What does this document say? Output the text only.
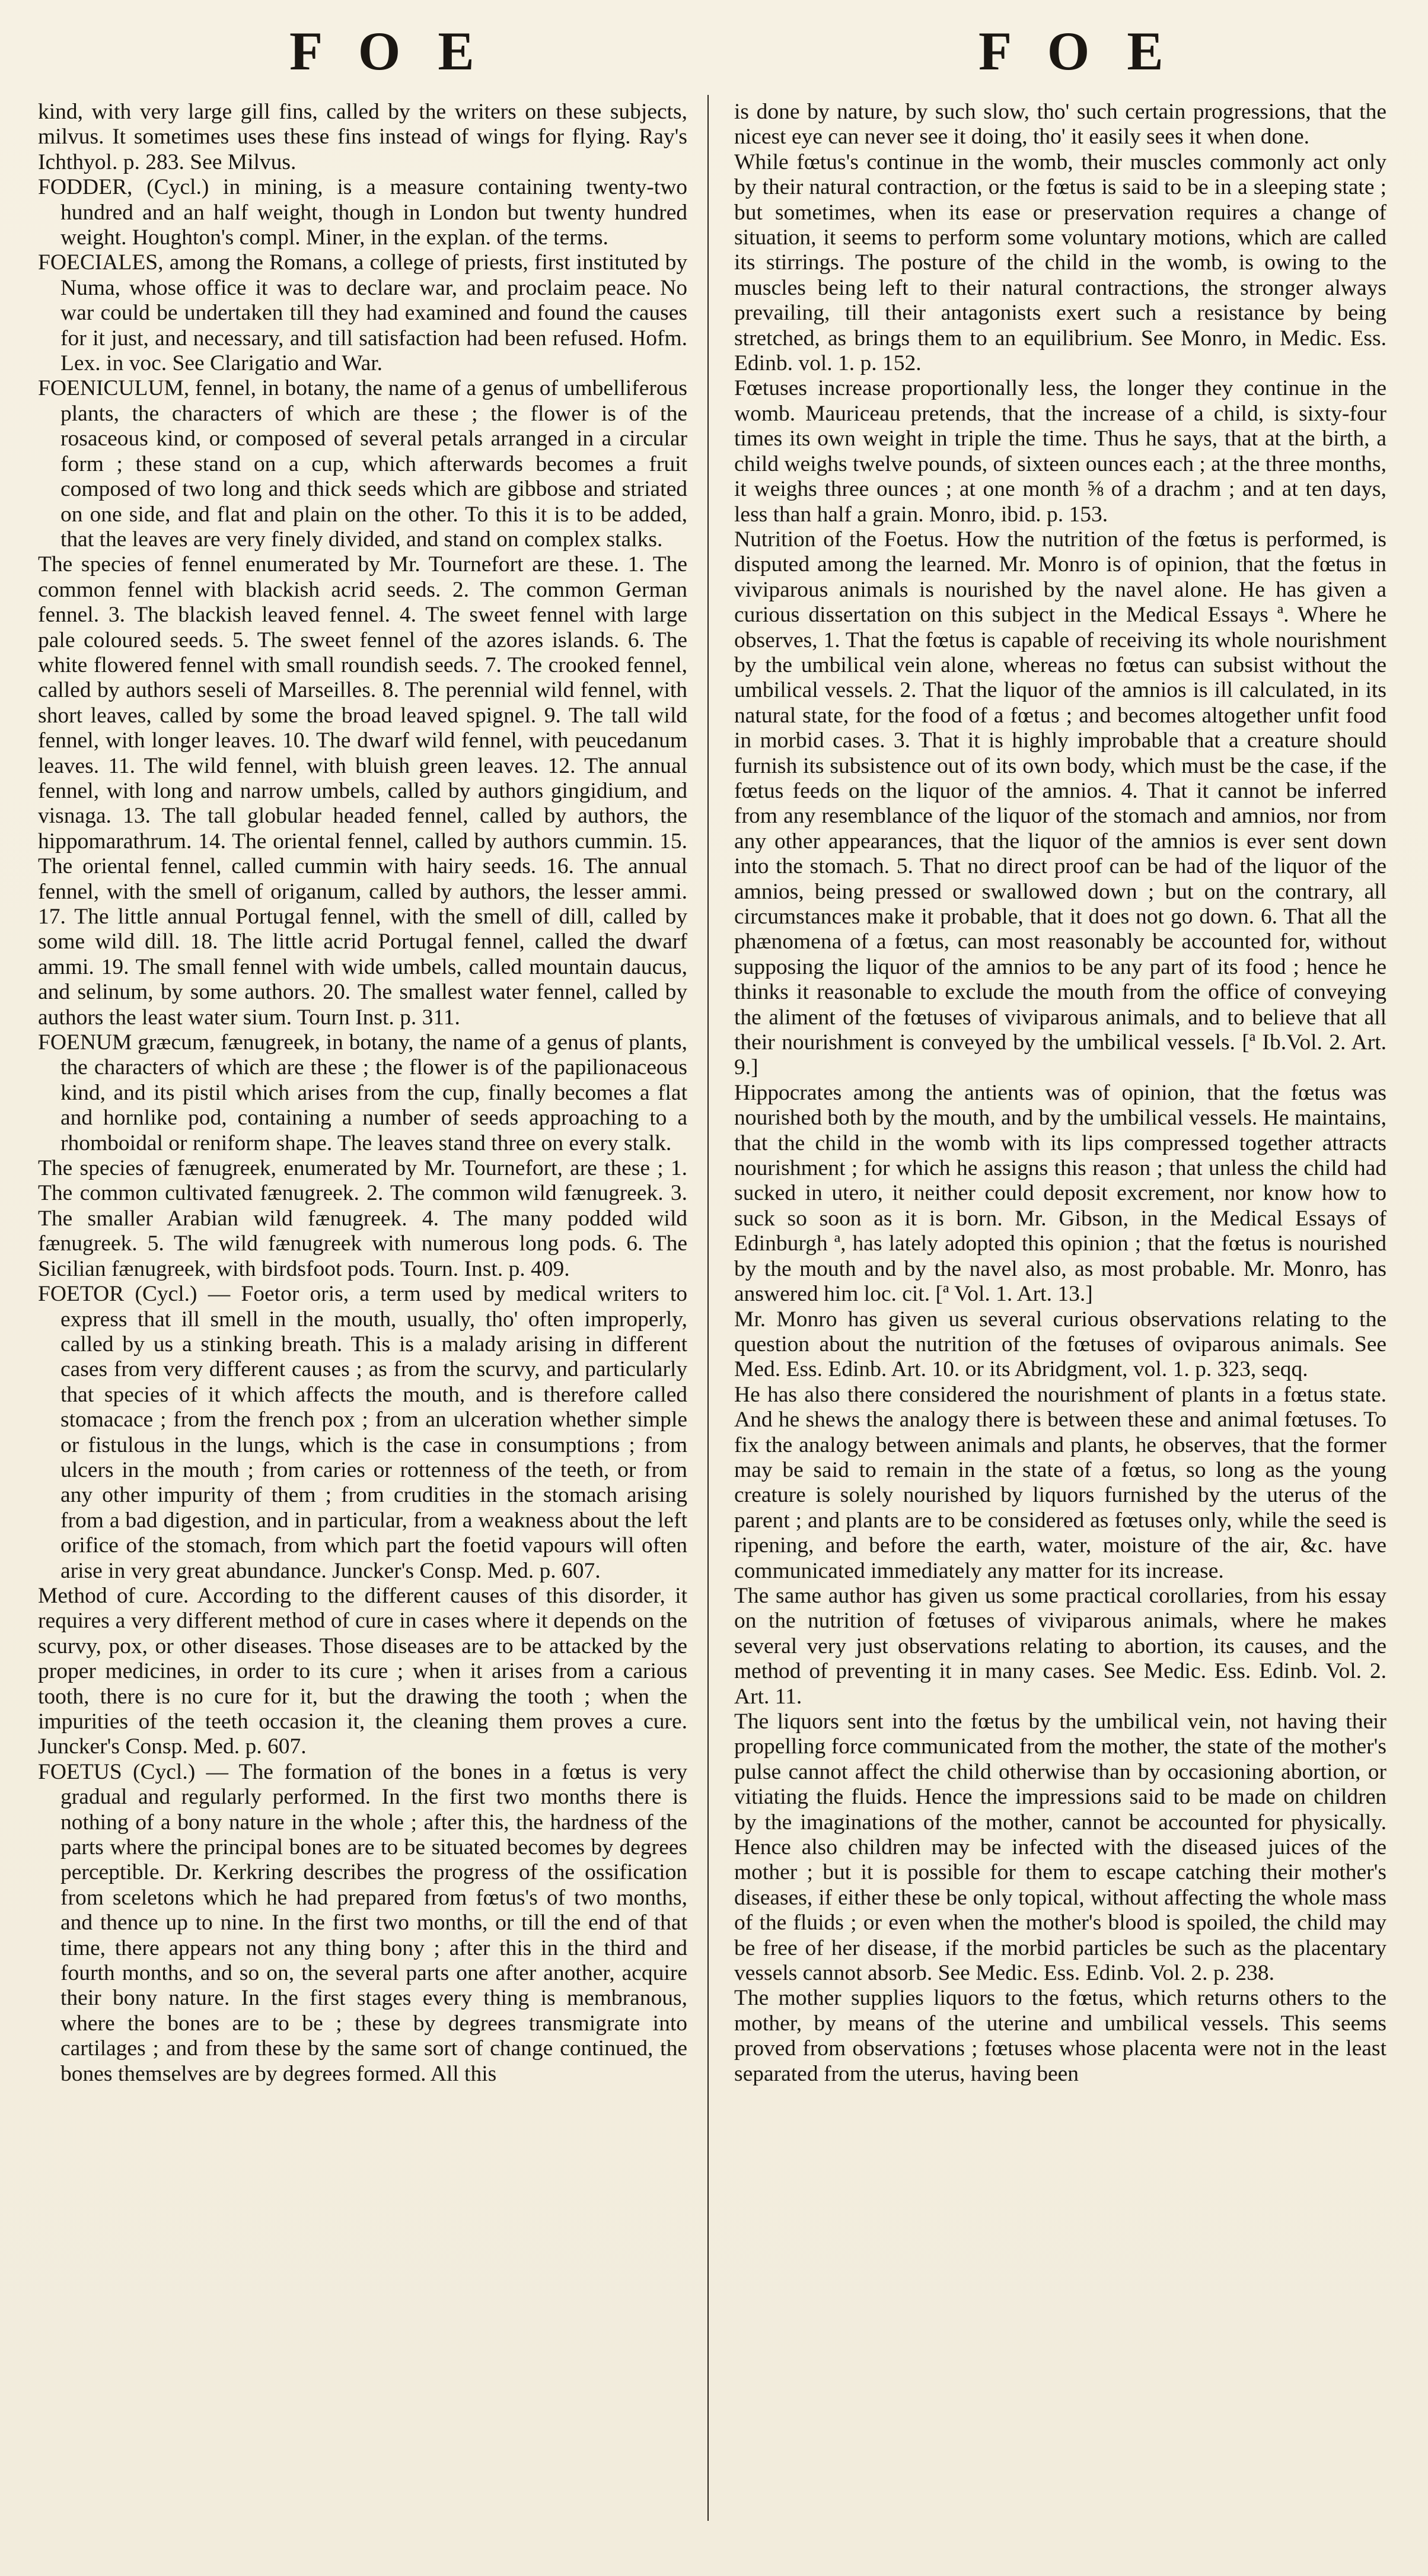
F O E	F O E

kind, with very large gill fins, called by the writers on these subjects, milvus. It sometimes uses these fins instead of wings for flying. Ray's Ichthyol. p. 283. See Milvus.

FODDER, (Cycl.) in mining, is a measure containing twenty-two hundred and an half weight, though in London but twenty hundred weight. Houghton's compl. Miner, in the explan. of the terms.

FOECIALES, among the Romans, a college of priests, first instituted by Numa, whose office it was to declare war, and proclaim peace. No war could be undertaken till they had examined and found the causes for it just, and necessary, and till satisfaction had been refused. Hofm. Lex. in voc. See Clarigatio and War.

FOENICULUM, fennel, in botany, the name of a genus of umbelliferous plants, the characters of which are these ; the flower is of the rosaceous kind, or composed of several petals arranged in a circular form ; these stand on a cup, which afterwards becomes a fruit composed of two long and thick seeds which are gibbose and striated on one side, and flat and plain on the other. To this it is to be added, that the leaves are very finely divided, and stand on complex stalks.

The species of fennel enumerated by Mr. Tournefort are these. 1. The common fennel with blackish acrid seeds. 2. The common German fennel. 3. The blackish leaved fennel. 4. The sweet fennel with large pale coloured seeds. 5. The sweet fennel of the azores islands. 6. The white flowered fennel with small roundish seeds. 7. The crooked fennel, called by authors seseli of Marseilles. 8. The perennial wild fennel, with short leaves, called by some the broad leaved spignel. 9. The tall wild fennel, with longer leaves. 10. The dwarf wild fennel, with peucedanum leaves. 11. The wild fennel, with bluish green leaves. 12. The annual fennel, with long and narrow umbels, called by authors gingidium, and visnaga. 13. The tall globular headed fennel, called by authors, the hippomarathrum. 14. The oriental fennel, called by authors cummin. 15. The oriental fennel, called cummin with hairy seeds. 16. The annual fennel, with the smell of origanum, called by authors, the lesser ammi. 17. The little annual Portugal fennel, with the smell of dill, called by some wild dill. 18. The little acrid Portugal fennel, called the dwarf ammi. 19. The small fennel with wide umbels, called mountain daucus, and selinum, by some authors. 20. The smallest water fennel, called by authors the least water sium. Tourn Inst. p. 311.

FOENUM græcum, fænugreek, in botany, the name of a genus of plants, the characters of which are these ; the flower is of the papilionaceous kind, and its pistil which arises from the cup, finally becomes a flat and hornlike pod, containing a number of seeds approaching to a rhomboidal or reniform shape. The leaves stand three on every stalk.

The species of fænugreek, enumerated by Mr. Tournefort, are these ; 1. The common cultivated fænugreek. 2. The common wild fænugreek. 3. The smaller Arabian wild fænugreek. 4. The many podded wild fænugreek. 5. The wild fænugreek with numerous long pods. 6. The Sicilian fænugreek, with birdsfoot pods. Tourn. Inst. p. 409.

FOETOR (Cycl.) — Foetor oris, a term used by medical writers to express that ill smell in the mouth, usually, tho' often improperly, called by us a stinking breath. This is a malady arising in different cases from very different causes ; as from the scurvy, and particularly that species of it which affects the mouth, and is therefore called stomacace ; from the french pox ; from an ulceration whether simple or fistulous in the lungs, which is the case in consumptions ; from ulcers in the mouth ; from caries or rottenness of the teeth, or from any other impurity of them ; from crudities in the stomach arising from a bad digestion, and in particular, from a weakness about the left orifice of the stomach, from which part the foetid vapours will often arise in very great abundance. Juncker's Consp. Med. p. 607.

Method of cure. According to the different causes of this disorder, it requires a very different method of cure in cases where it depends on the scurvy, pox, or other diseases. Those diseases are to be attacked by the proper medicines, in order to its cure ; when it arises from a carious tooth, there is no cure for it, but the drawing the tooth ; when the impurities of the teeth occasion it, the cleaning them proves a cure. Juncker's Consp. Med. p. 607.

FOETUS (Cycl.) — The formation of the bones in a fœtus is very gradual and regularly performed. In the first two months there is nothing of a bony nature in the whole ; after this, the hardness of the parts where the principal bones are to be situated becomes by degrees perceptible. Dr. Kerkring describes the progress of the ossification from sceletons which he had prepared from fœtus's of two months, and thence up to nine. In the first two months, or till the end of that time, there appears not any thing bony ; after this in the third and fourth months, and so on, the several parts one after another, acquire their bony nature. In the first stages every thing is membranous, where the bones are to be ; these by degrees transmigrate into cartilages ; and from these by the same sort of change continued, the bones themselves are by degrees formed. All this

is done by nature, by such slow, tho' such certain progressions, that the nicest eye can never see it doing, tho' it easily sees it when done.

While fœtus's continue in the womb, their muscles commonly act only by their natural contraction, or the fœtus is said to be in a sleeping state ; but sometimes, when its ease or preservation requires a change of situation, it seems to perform some voluntary motions, which are called its stirrings. The posture of the child in the womb, is owing to the muscles being left to their natural contractions, the stronger always prevailing, till their antagonists exert such a resistance by being stretched, as brings them to an equilibrium. See Monro, in Medic. Ess. Edinb. vol. 1. p. 152.

Fœtuses increase proportionally less, the longer they continue in the womb. Mauriceau pretends, that the increase of a child, is sixty-four times its own weight in triple the time. Thus he says, that at the birth, a child weighs twelve pounds, of sixteen ounces each ; at the three months, it weighs three ounces ; at one month ⅝ of a drachm ; and at ten days, less than half a grain. Monro, ibid. p. 153.

Nutrition of the Foetus. How the nutrition of the fœtus is performed, is disputed among the learned. Mr. Monro is of opinion, that the fœtus in viviparous animals is nourished by the navel alone. He has given a curious dissertation on this subject in the Medical Essays ª. Where he observes, 1. That the fœtus is capable of receiving its whole nourishment by the umbilical vein alone, whereas no fœtus can subsist without the umbilical vessels. 2. That the liquor of the amnios is ill calculated, in its natural state, for the food of a fœtus ; and becomes altogether unfit food in morbid cases. 3. That it is highly improbable that a creature should furnish its subsistence out of its own body, which must be the case, if the fœtus feeds on the liquor of the amnios. 4. That it cannot be inferred from any resemblance of the liquor of the stomach and amnios, nor from any other appearances, that the liquor of the amnios is ever sent down into the stomach. 5. That no direct proof can be had of the liquor of the amnios, being pressed or swallowed down ; but on the contrary, all circumstances make it probable, that it does not go down. 6. That all the phænomena of a fœtus, can most reasonably be accounted for, without supposing the liquor of the amnios to be any part of its food ; hence he thinks it reasonable to exclude the mouth from the office of conveying the aliment of the fœtuses of viviparous animals, and to believe that all their nourishment is conveyed by the umbilical vessels. [ª Ib.Vol. 2. Art. 9.]

Hippocrates among the antients was of opinion, that the fœtus was nourished both by the mouth, and by the umbilical vessels. He maintains, that the child in the womb with its lips compressed together attracts nourishment ; for which he assigns this reason ; that unless the child had sucked in utero, it neither could deposit excrement, nor know how to suck so soon as it is born. Mr. Gibson, in the Medical Essays of Edinburgh ª, has lately adopted this opinion ; that the fœtus is nourished by the mouth and by the navel also, as most probable. Mr. Monro, has answered him loc. cit. [ª Vol. 1. Art. 13.]

Mr. Monro has given us several curious observations relating to the question about the nutrition of the fœtuses of oviparous animals. See Med. Ess. Edinb. Art. 10. or its Abridgment, vol. 1. p. 323, seqq.

He has also there considered the nourishment of plants in a fœtus state. And he shews the analogy there is between these and animal fœtuses. To fix the analogy between animals and plants, he observes, that the former may be said to remain in the state of a fœtus, so long as the young creature is solely nourished by liquors furnished by the uterus of the parent ; and plants are to be considered as fœtuses only, while the seed is ripening, and before the earth, water, moisture of the air, &c. have communicated immediately any matter for its increase.

The same author has given us some practical corollaries, from his essay on the nutrition of fœtuses of viviparous animals, where he makes several very just observations relating to abortion, its causes, and the method of preventing it in many cases. See Medic. Ess. Edinb. Vol. 2. Art. 11.

The liquors sent into the fœtus by the umbilical vein, not having their propelling force communicated from the mother, the state of the mother's pulse cannot affect the child otherwise than by occasioning abortion, or vitiating the fluids. Hence the impressions said to be made on children by the imaginations of the mother, cannot be accounted for physically. Hence also children may be infected with the diseased juices of the mother ; but it is possible for them to escape catching their mother's diseases, if either these be only topical, without affecting the whole mass of the fluids ; or even when the mother's blood is spoiled, the child may be free of her disease, if the morbid particles be such as the placentary vessels cannot absorb. See Medic. Ess. Edinb. Vol. 2. p. 238.

The mother supplies liquors to the fœtus, which returns others to the mother, by means of the uterine and umbilical vessels. This seems proved from observations ; fœtuses whose placenta were not in the least separated from the uterus, having been
